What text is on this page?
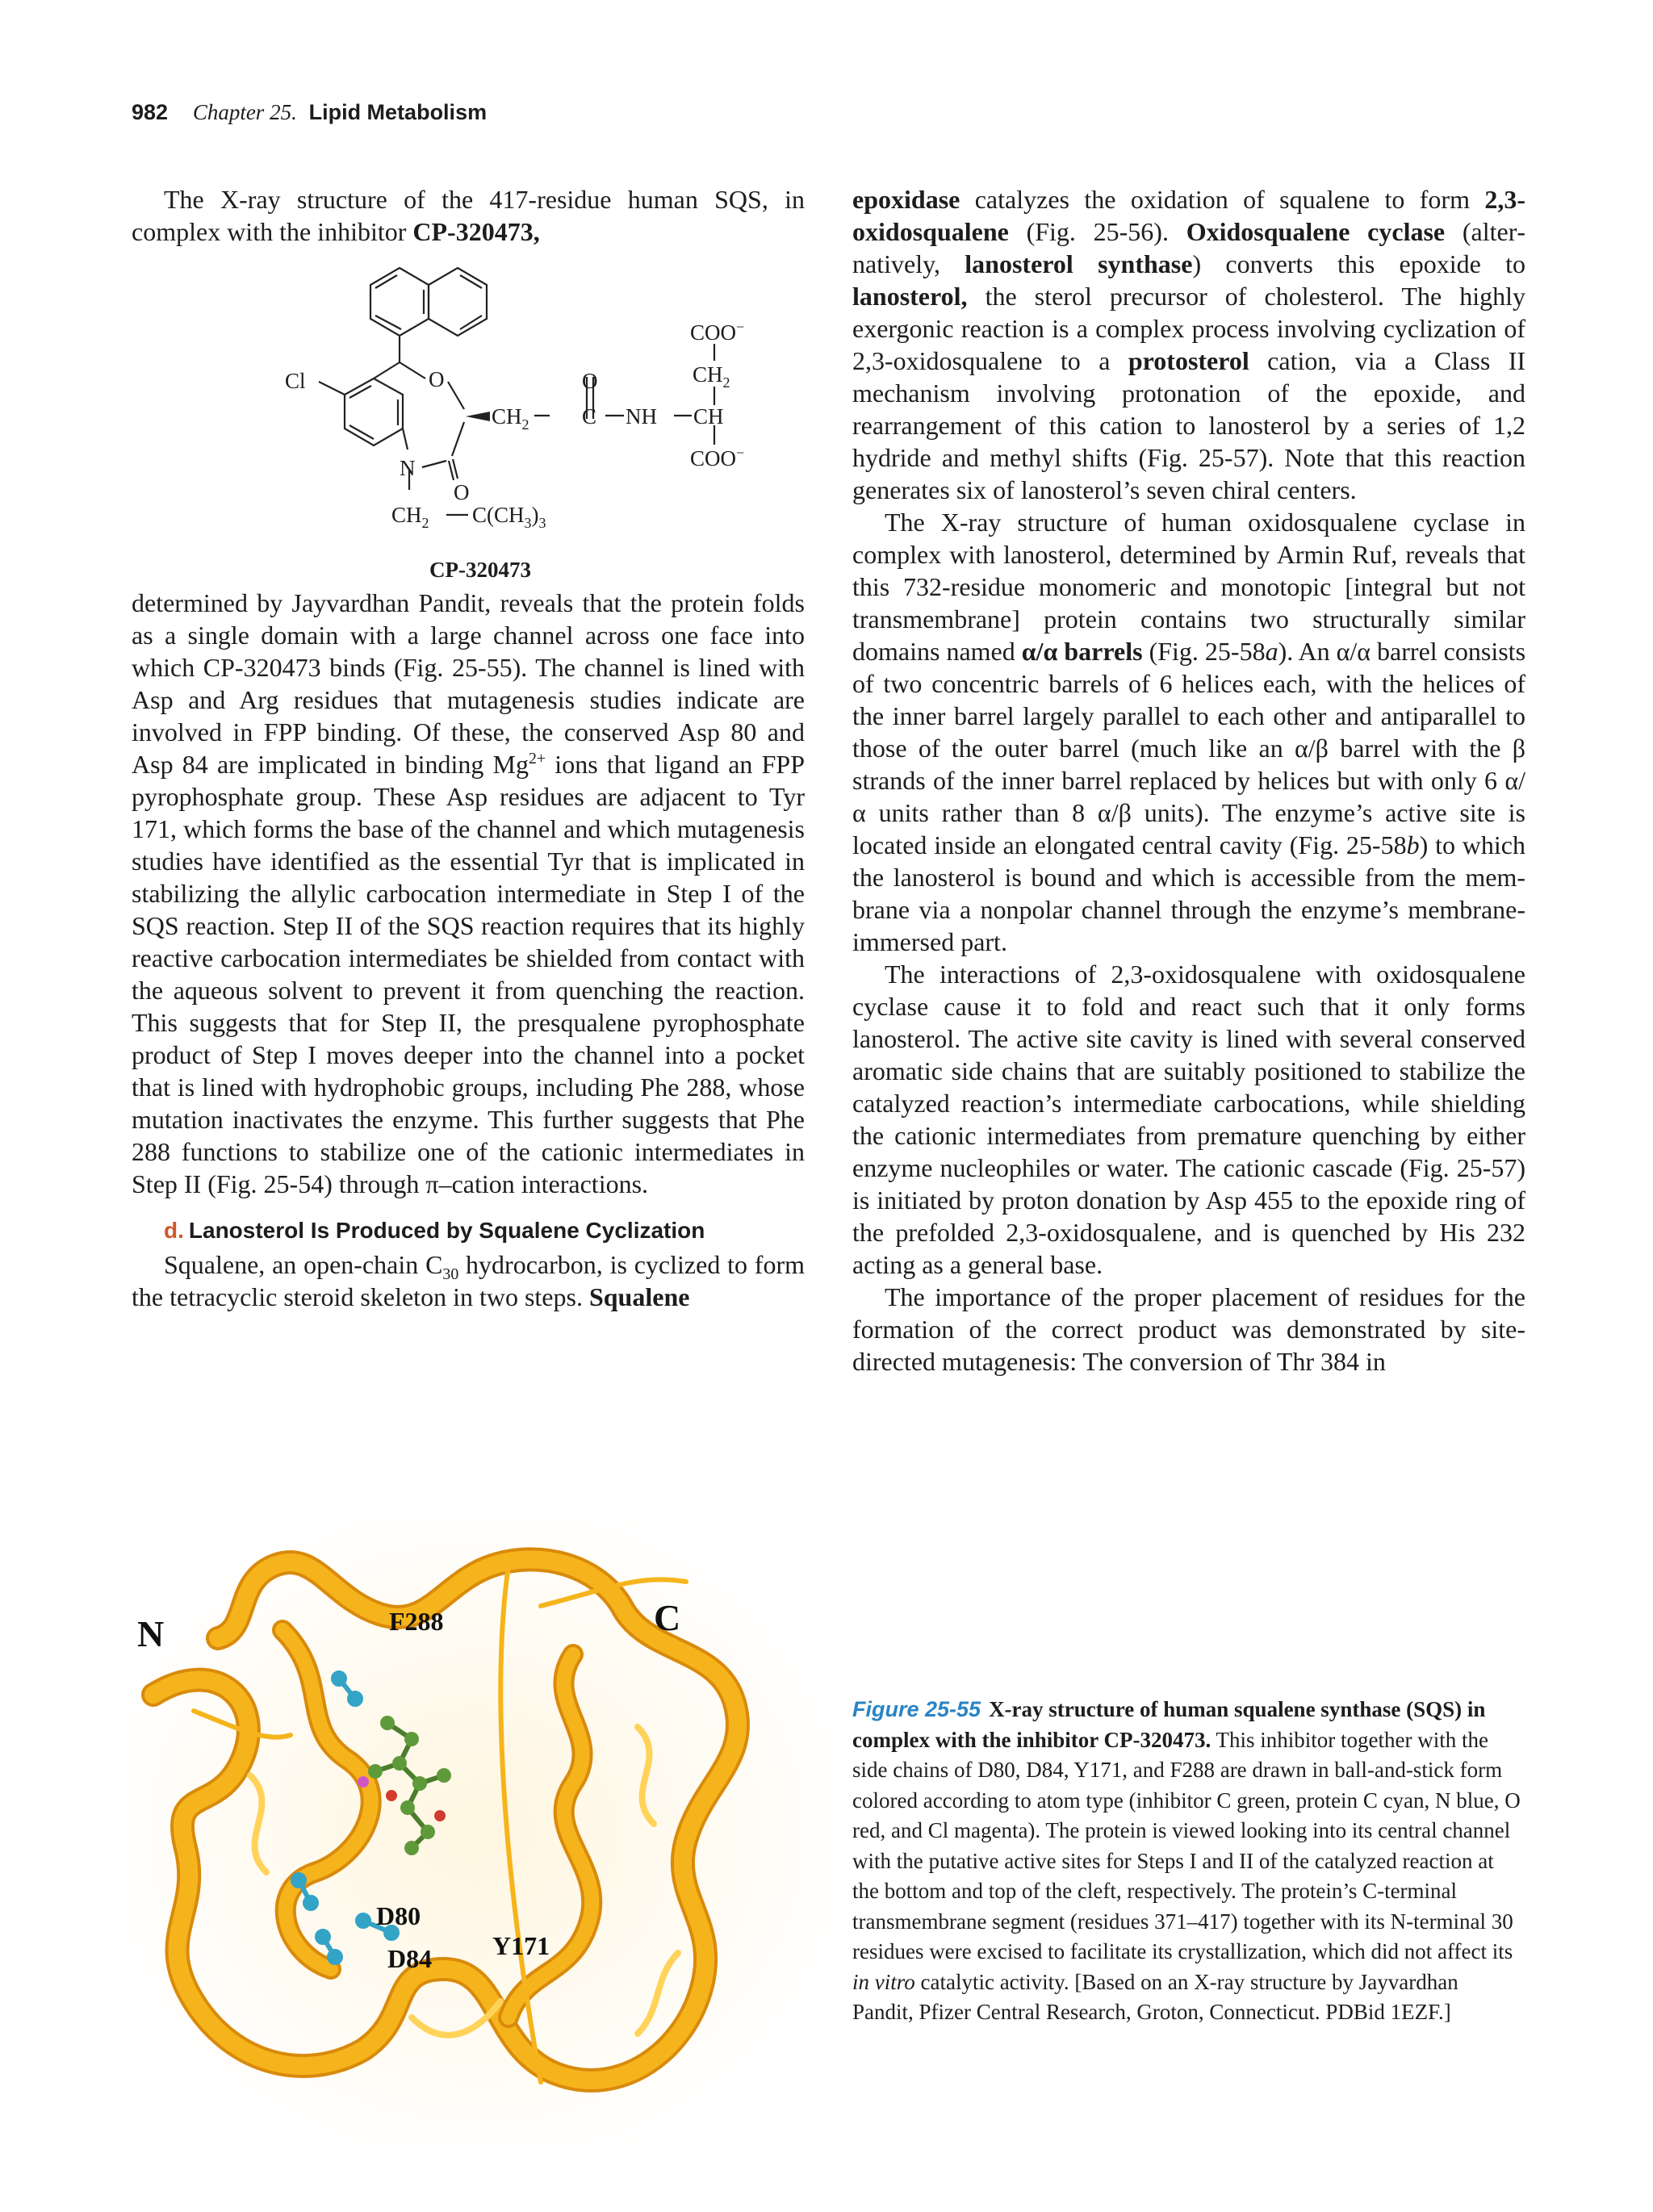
982 Chapter 25. Lipid Metabolism

The X-ray structure of the 417-residue human SQS, in complex with the inhibitor CP-320473,

Cl	O	O
N
O
COO−
$CH_2$
$CH_2$ C NH CH
COO−
$CH_2$ $C(CH_3)_3$
CP-320473

determined by Jayvardhan Pandit, reveals that the protein folds as a single domain with a large channel across one face into which CP-320473 binds (Fig. 25-55). The channel is lined with Asp and Arg residues that mutagenesis studies indicate are involved in FPP binding. Of these, the conserved Asp 80 and Asp 84 are implicated in binding $Mg^{2+}$ ions that ligand an FPP pyrophosphate group. These Asp residues are adjacent to Tyr 171, which forms the base of the channel and which mutagenesis studies have identified as the essential Tyr that is implicated in stabilizing the allylic carbocation intermediate in Step I of the SQS reaction. Step II of the SQS reaction requires that its highly reactive carbocation intermediates be shielded from contact with the aqueous solvent to prevent it from quenching the reaction. This suggests that for Step II, the presqualene pyrophosphate product of Step I moves deeper into the channel into a pocket that is lined with hydrophobic groups, including Phe 288, whose mutation inactivates the enzyme. This further suggests that Phe 288 functions to stabilize one of the cationic intermediates in Step II (Fig. 25-54) through π–cation interactions.

d. Lanosterol Is Produced by Squalene Cyclization

Squalene, an open-chain $C_{30}$ hydrocarbon, is cyclized to form the tetracyclic steroid skeleton in two steps. Squalene

epoxidase catalyzes the oxidation of squalene to form 2,3-oxidosqualene (Fig. 25-56). Oxidosqualene cyclase (alternatively, lanosterol synthase) converts this epoxide to lanosterol, the sterol precursor of cholesterol. The highly exergonic reaction is a complex process involving cyclization of 2,3-oxidosqualene to a protosterol cation, via a Class II mechanism involving protonation of the epoxide, and rearrangement of this cation to lanosterol by a series of 1,2 hydride and methyl shifts (Fig. 25-57). Note that this reaction generates six of lanosterol’s seven chiral centers.

The X-ray structure of human oxidosqualene cyclase in complex with lanosterol, determined by Armin Ruf, reveals that this 732-residue monomeric and monotopic [integral but not transmembrane] protein contains two structurally similar domains named α/α barrels (Fig. 25-58a). An α/α barrel consists of two concentric barrels of 6 helices each, with the helices of the inner barrel largely parallel to each other and antiparallel to those of the outer barrel (much like an α/β barrel with the β strands of the inner barrel replaced by helices but with only 6 α/α units rather than 8 α/β units). The enzyme’s active site is located inside an elongated central cavity (Fig. 25-58b) to which the lanosterol is bound and which is accessible from the membrane via a nonpolar channel through the enzyme’s membrane-immersed part.

The interactions of 2,3-oxidosqualene with oxidosqualene cyclase cause it to fold and react such that it only forms lanosterol. The active site cavity is lined with several conserved aromatic side chains that are suitably positioned to stabilize the catalyzed reaction’s intermediate carbocations, while shielding the cationic intermediates from premature quenching by either enzyme nucleophiles or water. The cationic cascade (Fig. 25-57) is initiated by proton donation by Asp 455 to the epoxide ring of the prefolded 2,3-oxidosqualene, and is quenched by His 232 acting as a general base.

The importance of the proper placement of residues for the formation of the correct product was demonstrated by site-directed mutagenesis: The conversion of Thr 384 in

N	C
F288
D80
D84 Y171
Figure 25-55 X-ray structure of human squalene synthase (SQS) in complex with the inhibitor CP-320473. This inhibitor together with the side chains of D80, D84, Y171, and F288 are drawn in ball-and-stick form colored according to atom type (inhibitor C green, protein C cyan, N blue, O red, and Cl magenta). The protein is viewed looking into its central channel with the putative active sites for Steps I and II of the catalyzed reaction at the bottom and top of the cleft, respectively. The protein’s C-terminal transmembrane segment (residues 371–417) together with its N-terminal 30 residues were excised to facilitate its crystallization, which did not affect its in vitro catalytic activity. [Based on an X-ray structure by Jayvardhan Pandit, Pfizer Central Research, Groton, Connecticut. PDBid 1EZF.]
